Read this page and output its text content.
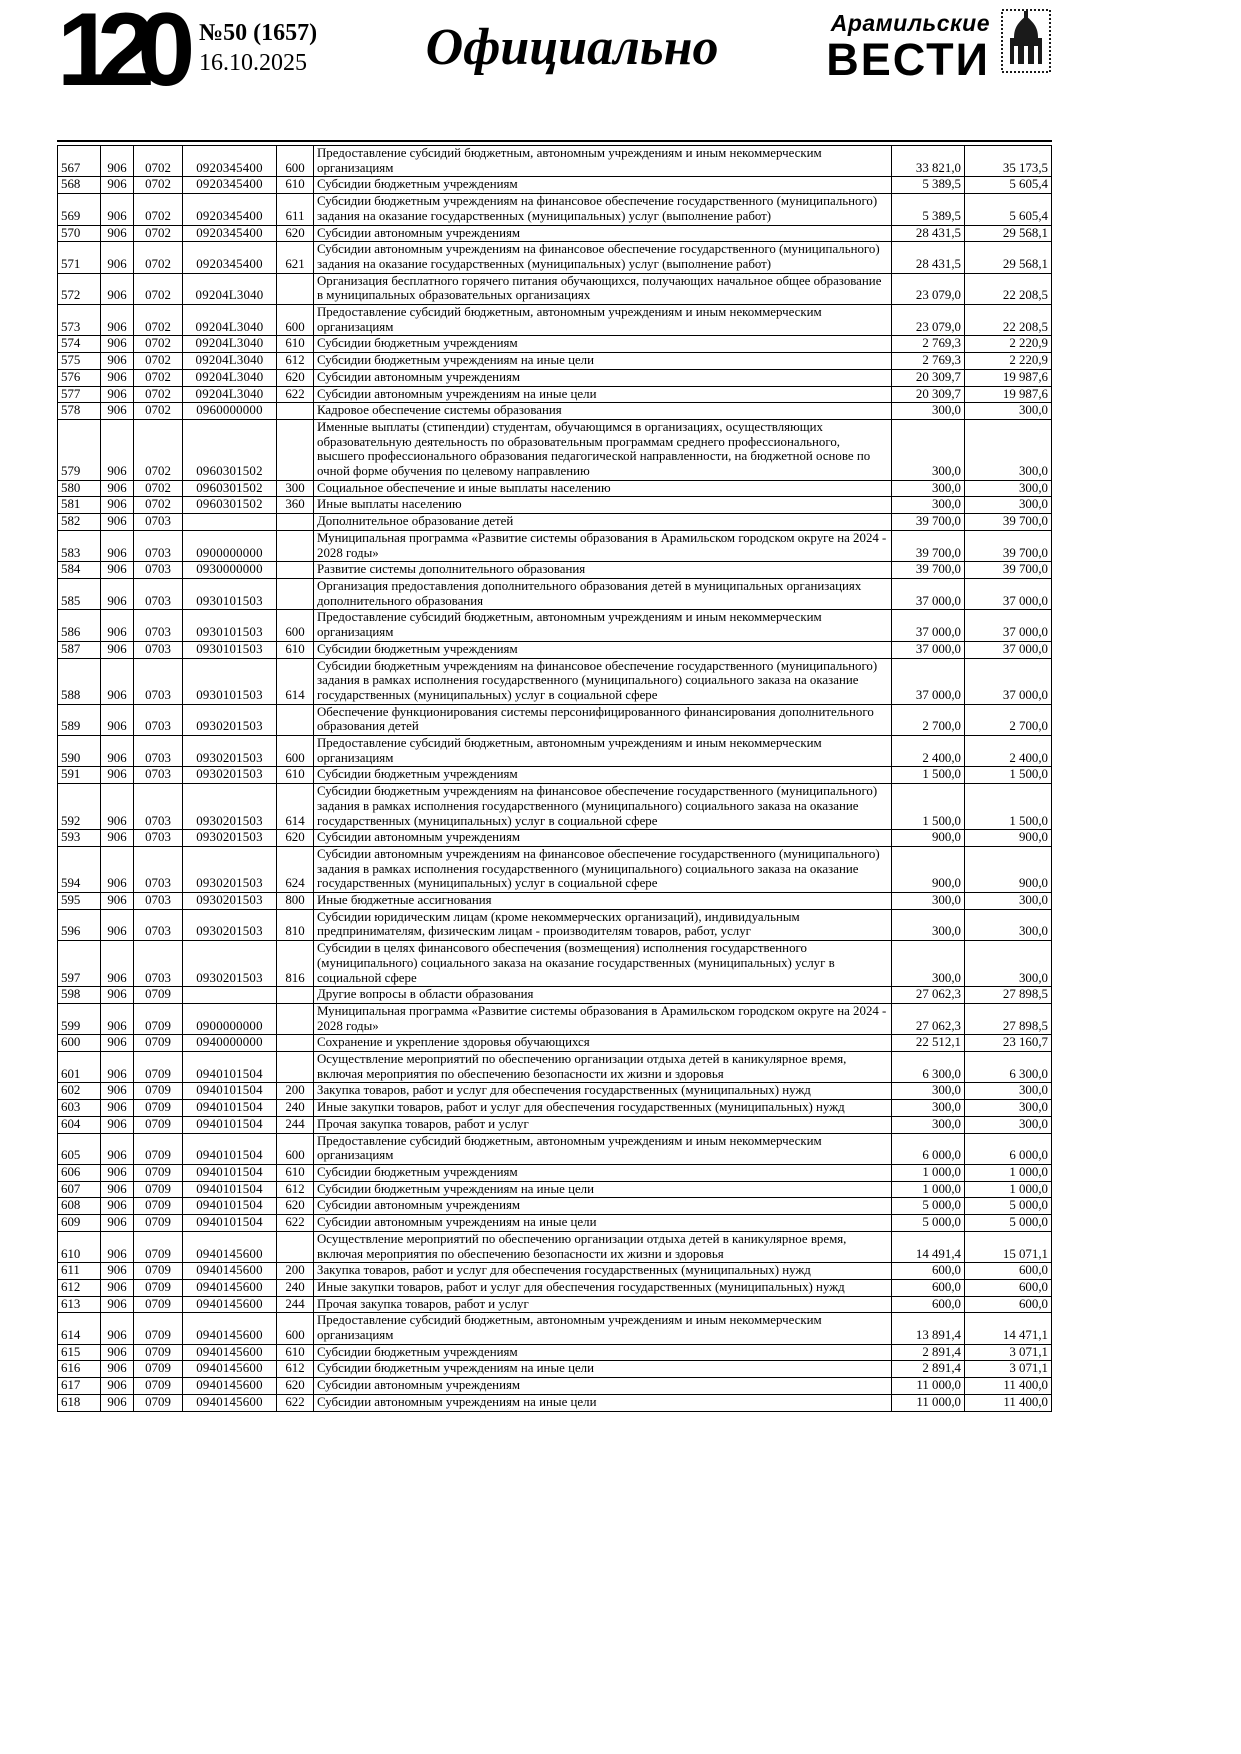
120 №50 (1657)
16.10.2025 Официально	Арамильские
ВЕСТИ
567	906	0702	0920345400	600	Предоставление субсидий бюджетным, автономным учреждениям и иным некоммерческим организациям	33 821,0	35 173,5
568	906	0702	0920345400	610	Субсидии бюджетным учреждениям	5 389,5	5 605,4
569	906	0702	0920345400	611	Субсидии бюджетным учреждениям на финансовое обеспечение государственного (муниципального) задания на оказание государственных (муниципальных) услуг (выполнение работ)	5 389,5	5 605,4
570	906	0702	0920345400	620	Субсидии автономным учреждениям	28 431,5	29 568,1
571	906	0702	0920345400	621	Субсидии автономным учреждениям на финансовое обеспечение государственного (муниципального) задания на оказание государственных (муниципальных) услуг (выполнение работ)	28 431,5	29 568,1
572	906	0702	09204L3040		Организация бесплатного горячего питания обучающихся, получающих начальное общее образование в муниципальных образовательных организациях	23 079,0	22 208,5
573	906	0702	09204L3040	600	Предоставление субсидий бюджетным, автономным учреждениям и иным некоммерческим организациям	23 079,0	22 208,5
574	906	0702	09204L3040	610	Субсидии бюджетным учреждениям	2 769,3	2 220,9
575	906	0702	09204L3040	612	Субсидии бюджетным учреждениям на иные цели	2 769,3	2 220,9
576	906	0702	09204L3040	620	Субсидии автономным учреждениям	20 309,7	19 987,6
577	906	0702	09204L3040	622	Субсидии автономным учреждениям на иные цели	20 309,7	19 987,6
578	906	0702	0960000000		Кадровое обеспечение системы образования	300,0	300,0
579	906	0702	0960301502		Именные выплаты (стипендии) студентам, обучающимся в организациях, осуществляющих образовательную деятельность по образовательным программам среднего профессионального, высшего профессионального образования педагогической направленности, на бюджетной основе по очной форме обучения по целевому направлению	300,0	300,0
580	906	0702	0960301502	300	Социальное обеспечение и иные выплаты населению	300,0	300,0
581	906	0702	0960301502	360	Иные выплаты населению	300,0	300,0
582	906	0703			Дополнительное образование детей	39 700,0	39 700,0
583	906	0703	0900000000		Муниципальная программа «Развитие системы образования в Арамильском городском округе на 2024 - 2028 годы»	39 700,0	39 700,0
584	906	0703	0930000000		Развитие системы дополнительного образования	39 700,0	39 700,0
585	906	0703	0930101503		Организация предоставления дополнительного образования детей в муниципальных организациях дополнительного образования	37 000,0	37 000,0
586	906	0703	0930101503	600	Предоставление субсидий бюджетным, автономным учреждениям и иным некоммерческим организациям	37 000,0	37 000,0
587	906	0703	0930101503	610	Субсидии бюджетным учреждениям	37 000,0	37 000,0
588	906	0703	0930101503	614	Субсидии бюджетным учреждениям на финансовое обеспечение государственного (муниципального) задания в рамках исполнения государственного (муниципального) социального заказа на оказание государственных (муниципальных) услуг в социальной сфере	37 000,0	37 000,0
589	906	0703	0930201503		Обеспечение функционирования системы персонифицированного финансирования дополнительного образования детей	2 700,0	2 700,0
590	906	0703	0930201503	600	Предоставление субсидий бюджетным, автономным учреждениям и иным некоммерческим организациям	2 400,0	2 400,0
591	906	0703	0930201503	610	Субсидии бюджетным учреждениям	1 500,0	1 500,0
592	906	0703	0930201503	614	Субсидии бюджетным учреждениям на финансовое обеспечение государственного (муниципального) задания в рамках исполнения государственного (муниципального) социального заказа на оказание государственных (муниципальных) услуг в социальной сфере	1 500,0	1 500,0
593	906	0703	0930201503	620	Субсидии автономным учреждениям	900,0	900,0
594	906	0703	0930201503	624	Субсидии автономным учреждениям на финансовое обеспечение государственного (муниципального) задания в рамках исполнения государственного (муниципального) социального заказа на оказание государственных (муниципальных) услуг в социальной сфере	900,0	900,0
595	906	0703	0930201503	800	Иные бюджетные ассигнования	300,0	300,0
596	906	0703	0930201503	810	Субсидии юридическим лицам (кроме некоммерческих организаций), индивидуальным предпринимателям, физическим лицам - производителям товаров, работ, услуг	300,0	300,0
597	906	0703	0930201503	816	Субсидии в целях финансового обеспечения (возмещения) исполнения государственного (муниципального) социального заказа на оказание государственных (муниципальных) услуг в социальной сфере	300,0	300,0
598	906	0709			Другие вопросы в области образования	27 062,3	27 898,5
599	906	0709	0900000000		Муниципальная программа «Развитие системы образования в Арамильском городском округе на 2024 - 2028 годы»	27 062,3	27 898,5
600	906	0709	0940000000		Сохранение и укрепление здоровья обучающихся	22 512,1	23 160,7
601	906	0709	0940101504		Осуществление мероприятий по обеспечению организации отдыха детей в каникулярное время, включая мероприятия по обеспечению безопасности их жизни и здоровья	6 300,0	6 300,0
602	906	0709	0940101504	200	Закупка товаров, работ и услуг для обеспечения государственных (муниципальных) нужд	300,0	300,0
603	906	0709	0940101504	240	Иные закупки товаров, работ и услуг для обеспечения государственных (муниципальных) нужд	300,0	300,0
604	906	0709	0940101504	244	Прочая закупка товаров, работ и услуг	300,0	300,0
605	906	0709	0940101504	600	Предоставление субсидий бюджетным, автономным учреждениям и иным некоммерческим организациям	6 000,0	6 000,0
606	906	0709	0940101504	610	Субсидии бюджетным учреждениям	1 000,0	1 000,0
607	906	0709	0940101504	612	Субсидии бюджетным учреждениям на иные цели	1 000,0	1 000,0
608	906	0709	0940101504	620	Субсидии автономным учреждениям	5 000,0	5 000,0
609	906	0709	0940101504	622	Субсидии автономным учреждениям на иные цели	5 000,0	5 000,0
610	906	0709	0940145600		Осуществление мероприятий по обеспечению организации отдыха детей в каникулярное время, включая мероприятия по обеспечению безопасности их жизни и здоровья	14 491,4	15 071,1
611	906	0709	0940145600	200	Закупка товаров, работ и услуг для обеспечения государственных (муниципальных) нужд	600,0	600,0
612	906	0709	0940145600	240	Иные закупки товаров, работ и услуг для обеспечения государственных (муниципальных) нужд	600,0	600,0
613	906	0709	0940145600	244	Прочая закупка товаров, работ и услуг	600,0	600,0
614	906	0709	0940145600	600	Предоставление субсидий бюджетным, автономным учреждениям и иным некоммерческим организациям	13 891,4	14 471,1
615	906	0709	0940145600	610	Субсидии бюджетным учреждениям	2 891,4	3 071,1
616	906	0709	0940145600	612	Субсидии бюджетным учреждениям на иные цели	2 891,4	3 071,1
617	906	0709	0940145600	620	Субсидии автономным учреждениям	11 000,0	11 400,0
618	906	0709	0940145600	622	Субсидии автономным учреждениям на иные цели	11 000,0	11 400,0
